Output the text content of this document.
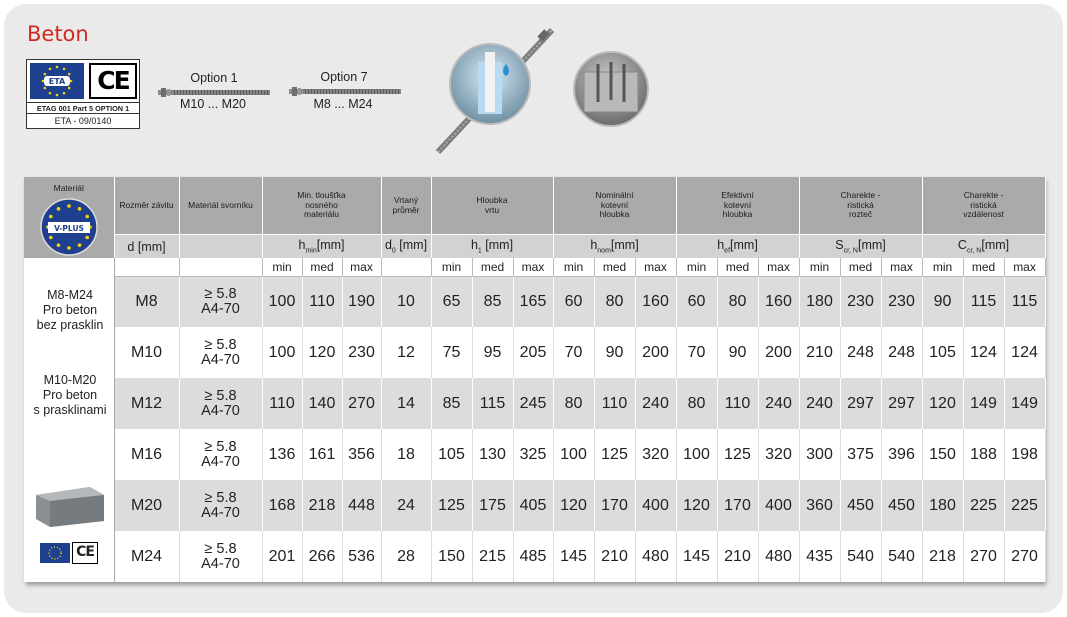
Beton
ETA	CE
ETAG 001 Part 5 OPTION 1
ETA - 09/0140
Option 1
M10 ... M20
Option 7
M8 ... M24
Materiál
V-PLUS	Rozměr závitu	Materiál svorníku	Min. tloušťka nosného materiálu			Vrtaný průměr	Hloubka vrtu			Nominální kotevní hloubka			Efektivní kotevní hloubka			Charekte -ristická rozteč			Charekte -ristická vzdálenost		
	d [mm]		$h_{min}[mm]$			$d_0$ [mm]	$h_1$ [mm]			$h_{nom}[mm]$			$h_{ef}[mm]$			$S_{cr, N}[mm]$			$C_{cr, N}[mm]$		
			min	med	max		min	med	max	min	med	max	min	med	max	min	med	max	min	med	max
	M8	≥ 5.8
A4-70	100	110	190	10	65	85	165	60	80	160	60	80	160	180	230	230	90	115	115
	M10	≥ 5.8
A4-70	100	120	230	12	75	95	205	70	90	200	70	90	200	210	248	248	105	124	124
	M12	≥ 5.8
A4-70	110	140	270	14	85	115	245	80	110	240	80	110	240	240	297	297	120	149	149
	M16	≥ 5.8
A4-70	136	161	356	18	105	130	325	100	125	320	100	125	320	300	375	396	150	188	198
	M20	≥ 5.8
A4-70	168	218	448	24	125	175	405	120	170	400	120	170	400	360	450	450	180	225	225
	M24	≥ 5.8
A4-70	201	266	536	28	150	215	485	145	210	480	145	210	480	435	540	540	218	270	270
M8-M24
Pro beton
bez prasklin
M10-M20
Pro beton
s prasklinami
CE
